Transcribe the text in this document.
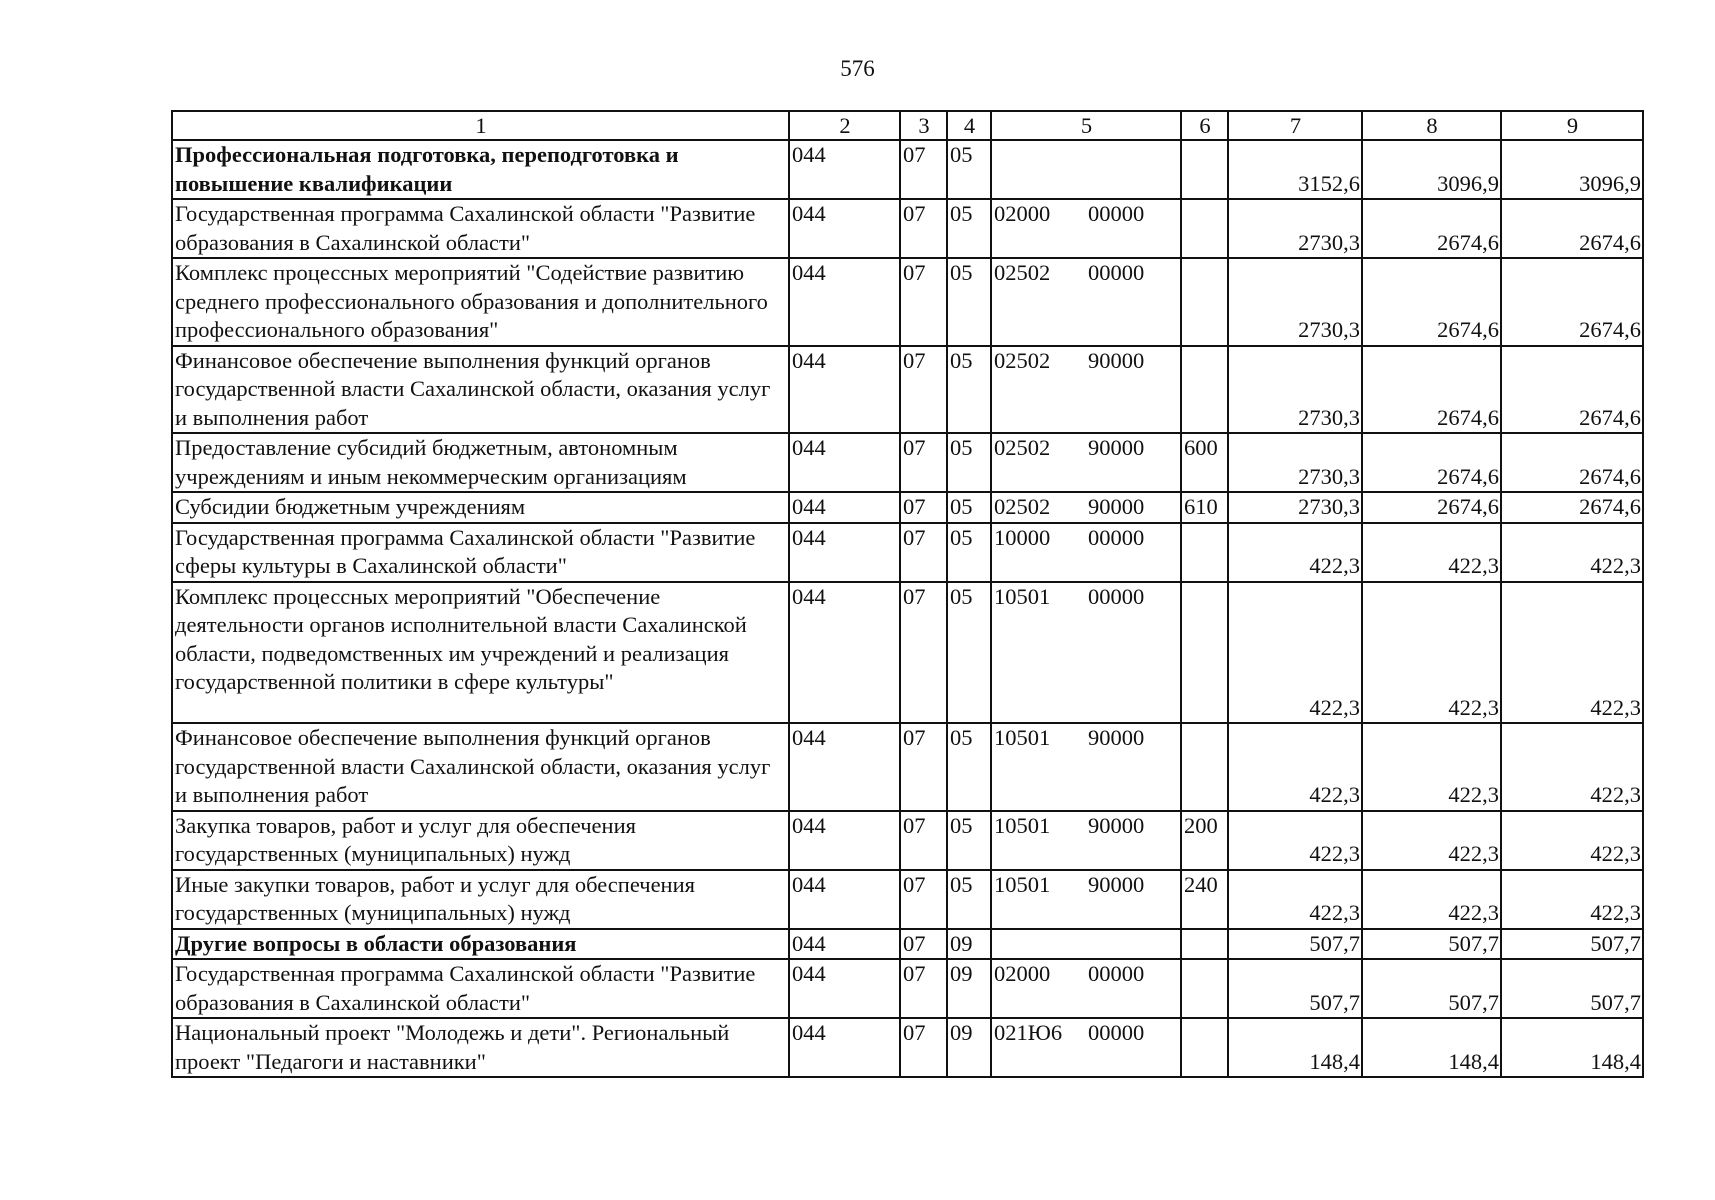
576
1	2	3	4	5	6	7	8	9
Профессиональная подготовка, переподготовка и повышение квалификации	044	07	05			3152,6	3096,9	3096,9
Государственная программа Сахалинской области "Развитие образования в Сахалинской области"	044	07	05	02000 00000		2730,3	2674,6	2674,6
Комплекс процессных мероприятий "Содействие развитию среднего профессионального образования и дополнительного профессионального образования"	044	07	05	02502 00000		2730,3	2674,6	2674,6
Финансовое обеспечение выполнения функций органов государственной власти Сахалинской области, оказания услуг и выполнения работ	044	07	05	02502 90000		2730,3	2674,6	2674,6
Предоставление субсидий бюджетным, автономным учреждениям и иным некоммерческим организациям	044	07	05	02502 90000	600	2730,3	2674,6	2674,6
Субсидии бюджетным учреждениям	044	07	05	02502 90000	610	2730,3	2674,6	2674,6
Государственная программа Сахалинской области "Развитие сферы культуры в Сахалинской области"	044	07	05	10000 00000		422,3	422,3	422,3
Комплекс процессных мероприятий "Обеспечение деятельности органов исполнительной власти Сахалинской области, подведомственных им учреждений и реализация государственной политики в сфере культуры"	044	07	05	10501 00000		422,3	422,3	422,3
Финансовое обеспечение выполнения функций органов государственной власти Сахалинской области, оказания услуг и выполнения работ	044	07	05	10501 90000		422,3	422,3	422,3
Закупка товаров, работ и услуг для обеспечения государственных (муниципальных) нужд	044	07	05	10501 90000	200	422,3	422,3	422,3
Иные закупки товаров, работ и услуг для обеспечения государственных (муниципальных) нужд	044	07	05	10501 90000	240	422,3	422,3	422,3
Другие вопросы в области образования	044	07	09			507,7	507,7	507,7
Государственная программа Сахалинской области "Развитие образования в Сахалинской области"	044	07	09	02000 00000		507,7	507,7	507,7
Национальный проект "Молодежь и дети". Региональный проект "Педагоги и наставники"	044	07	09	021Ю6 00000		148,4	148,4	148,4
